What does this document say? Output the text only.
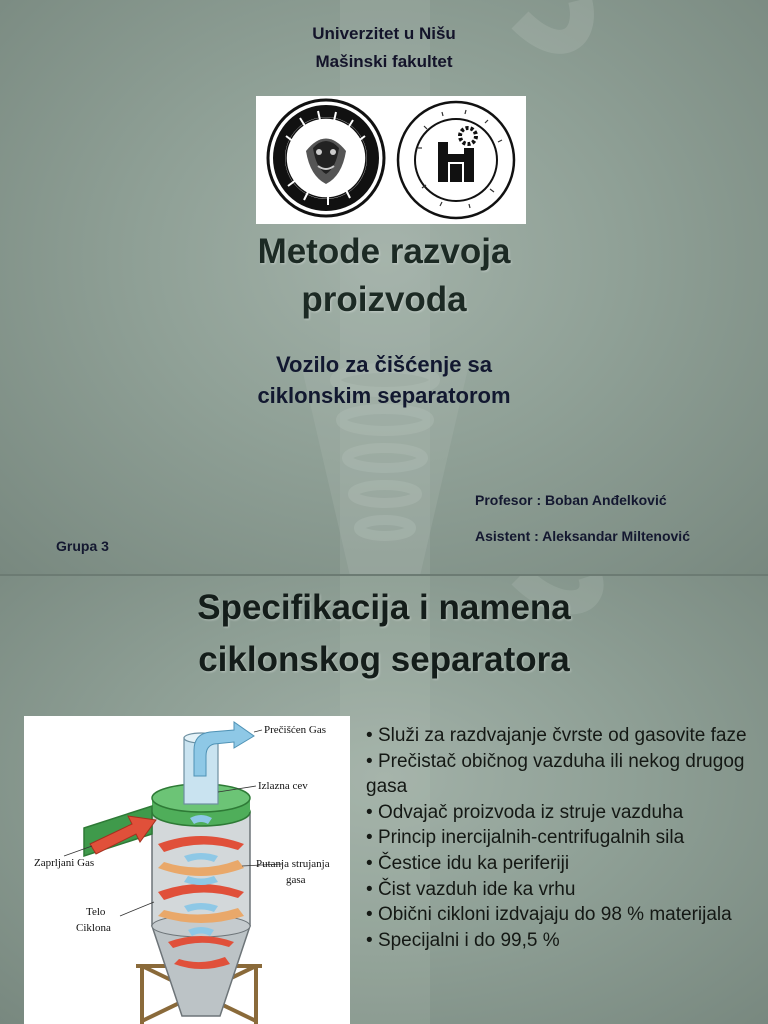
Univerzitet u Nišu
Mašinski fakultet
Metode razvoja
proizvoda
Vozilo za čišćenje sa
ciklonskim separatorom
Profesor : Boban Anđelković
Asistent : Aleksandar Miltenović
Grupa 3
Specifikacija i namena
ciklonskog separatora
Prečišćen Gas
Izlazna cev
Zaprljani Gas	Putanja strujanja
gasa
Telo
Ciklona
• Služi za razdvajanje čvrste od gasovite faze
• Prečistač običnog vazduha ili nekog drugog gasa
• Odvajač proizvoda iz struje vazduha
• Princip inercijalnih-centrifugalnih sila
• Čestice idu ka periferiji
• Čist vazduh ide ka vrhu
• Obični cikloni izdvajaju do 98 % materijala
• Specijalni i do 99,5 %
